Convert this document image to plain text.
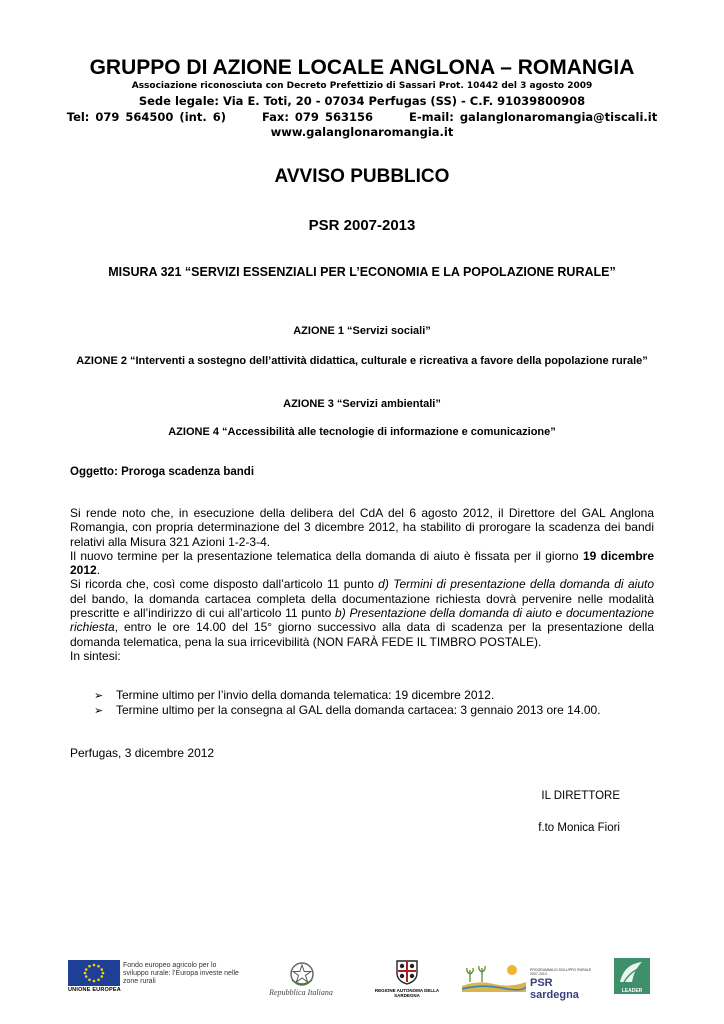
GRUPPO DI AZIONE LOCALE ANGLONA – ROMANGIA
Associazione riconosciuta con Decreto Prefettizio di Sassari Prot. 10442 del 3 agosto 2009
Sede legale: Via E. Toti, 20 - 07034 Perfugas (SS) - C.F. 91039800908
Tel: 079 564500 (int. 6)      Fax: 079 563156      E-mail: galanglonaromangia@tiscali.it
www.galanglonaromangia.it
AVVISO PUBBLICO
PSR 2007-2013
MISURA 321 “SERVIZI ESSENZIALI PER L’ECONOMIA E LA POPOLAZIONE RURALE”
AZIONE 1 “Servizi sociali”
AZIONE 2 “Interventi a sostegno dell’attività didattica, culturale e ricreativa a favore della popolazione rurale”
AZIONE 3 “Servizi ambientali”
AZIONE 4 “Accessibilità alle tecnologie di informazione e comunicazione”
Oggetto: Proroga scadenza bandi

Si rende noto che, in esecuzione della delibera del CdA del 6 agosto 2012, il Direttore del GAL Anglona Romangia, con propria determinazione del 3 dicembre 2012, ha stabilito di prorogare la scadenza dei bandi relativi alla Misura 321 Azioni 1-2-3-4.

Il nuovo termine per la presentazione telematica della domanda di aiuto è fissata per il giorno 19 dicembre 2012.

Si ricorda che, così come disposto dall’articolo 11 punto d) Termini di presentazione della domanda di aiuto del bando, la domanda cartacea completa della documentazione richiesta dovrà pervenire nelle modalità prescritte e all’indirizzo di cui all’articolo 11 punto b) Presentazione della domanda di aiuto e documentazione richiesta, entro le ore 14.00 del 15° giorno successivo alla data di scadenza per la presentazione della domanda telematica, pena la sua irricevibilità (NON FARÀ FEDE IL TIMBRO POSTALE).

In sintesi:

➢	Termine ultimo per l’invio della domanda telematica: 19 dicembre 2012.
➢	Termine ultimo per la consegna al GAL della domanda cartacea: 3 gennaio 2013 ore 14.00.
Perfugas, 3 dicembre 2012
IL DIRETTORE
f.to Monica Fiori
UNIONE EUROPEA
Fondo europeo agricolo per lo sviluppo rurale: l’Europa investe nelle zone rurali
Repubblica Italiana	REGIONE AUTONOMA DELLA SARDEGNA
PROGRAMMA DI SVILUPPO RURALE 2007-2013
PSR sardegna	LEADER
